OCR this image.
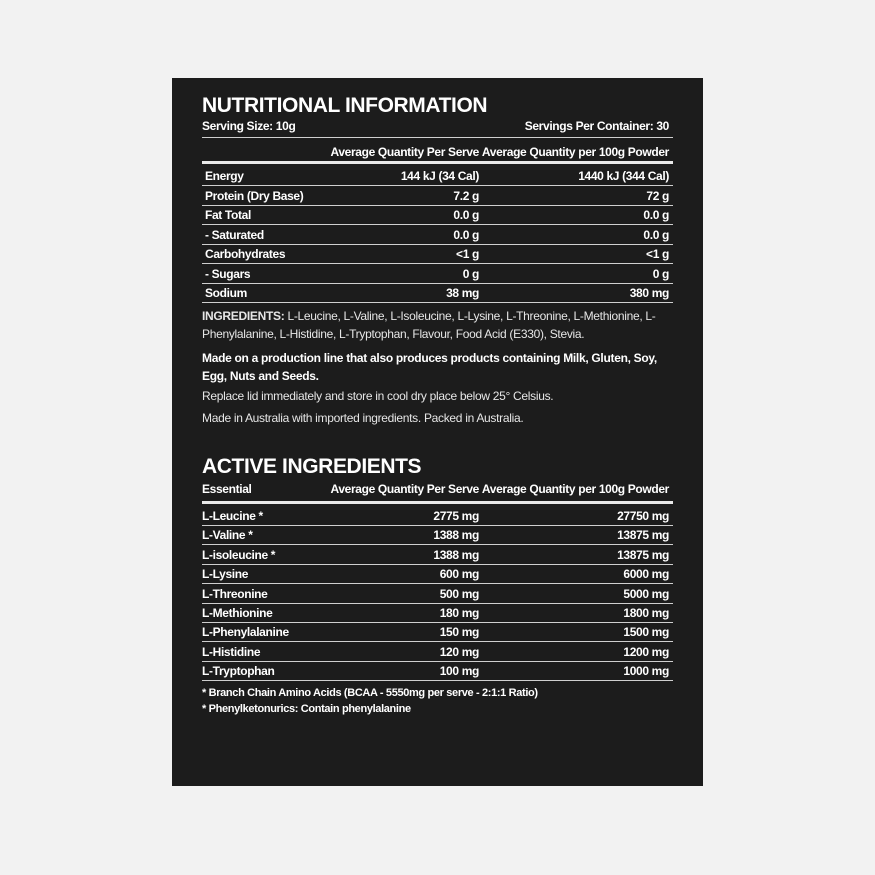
NUTRITIONAL INFORMATION
Serving Size: 10g	Servings Per Container: 30
Average Quantity Per Serve Average Quantity per 100g Powder
Energy	144 kJ (34 Cal)	1440 kJ (344 Cal)
Protein (Dry Base)	7.2 g	72 g
Fat Total	0.0 g	0.0 g
- Saturated	0.0 g	0.0 g
Carbohydrates	<1 g	<1 g
- Sugars	0 g	0 g
Sodium	38 mg	380 mg
INGREDIENTS: L-Leucine, L-Valine, L-Isoleucine, L-Lysine, L-Threonine, L-Methionine, L-Phenylalanine, L-Histidine, L-Tryptophan, Flavour, Food Acid (E330), Stevia.
Made on a production line that also produces products containing Milk, Gluten, Soy, Egg, Nuts and Seeds.
Replace lid immediately and store in cool dry place below 25° Celsius.
Made in Australia with imported ingredients. Packed in Australia.
ACTIVE INGREDIENTS
Essential	Average Quantity Per Serve Average Quantity per 100g Powder
L-Leucine *	2775 mg	27750 mg
L-Valine *	1388 mg	13875 mg
L-isoleucine *	1388 mg	13875 mg
L-Lysine	600 mg	6000 mg
L-Threonine	500 mg	5000 mg
L-Methionine	180 mg	1800 mg
L-Phenylalanine	150 mg	1500 mg
L-Histidine	120 mg	1200 mg
L-Tryptophan	100 mg	1000 mg
* Branch Chain Amino Acids (BCAA - 5550mg per serve - 2:1:1 Ratio)
* Phenylketonurics: Contain phenylalanine
